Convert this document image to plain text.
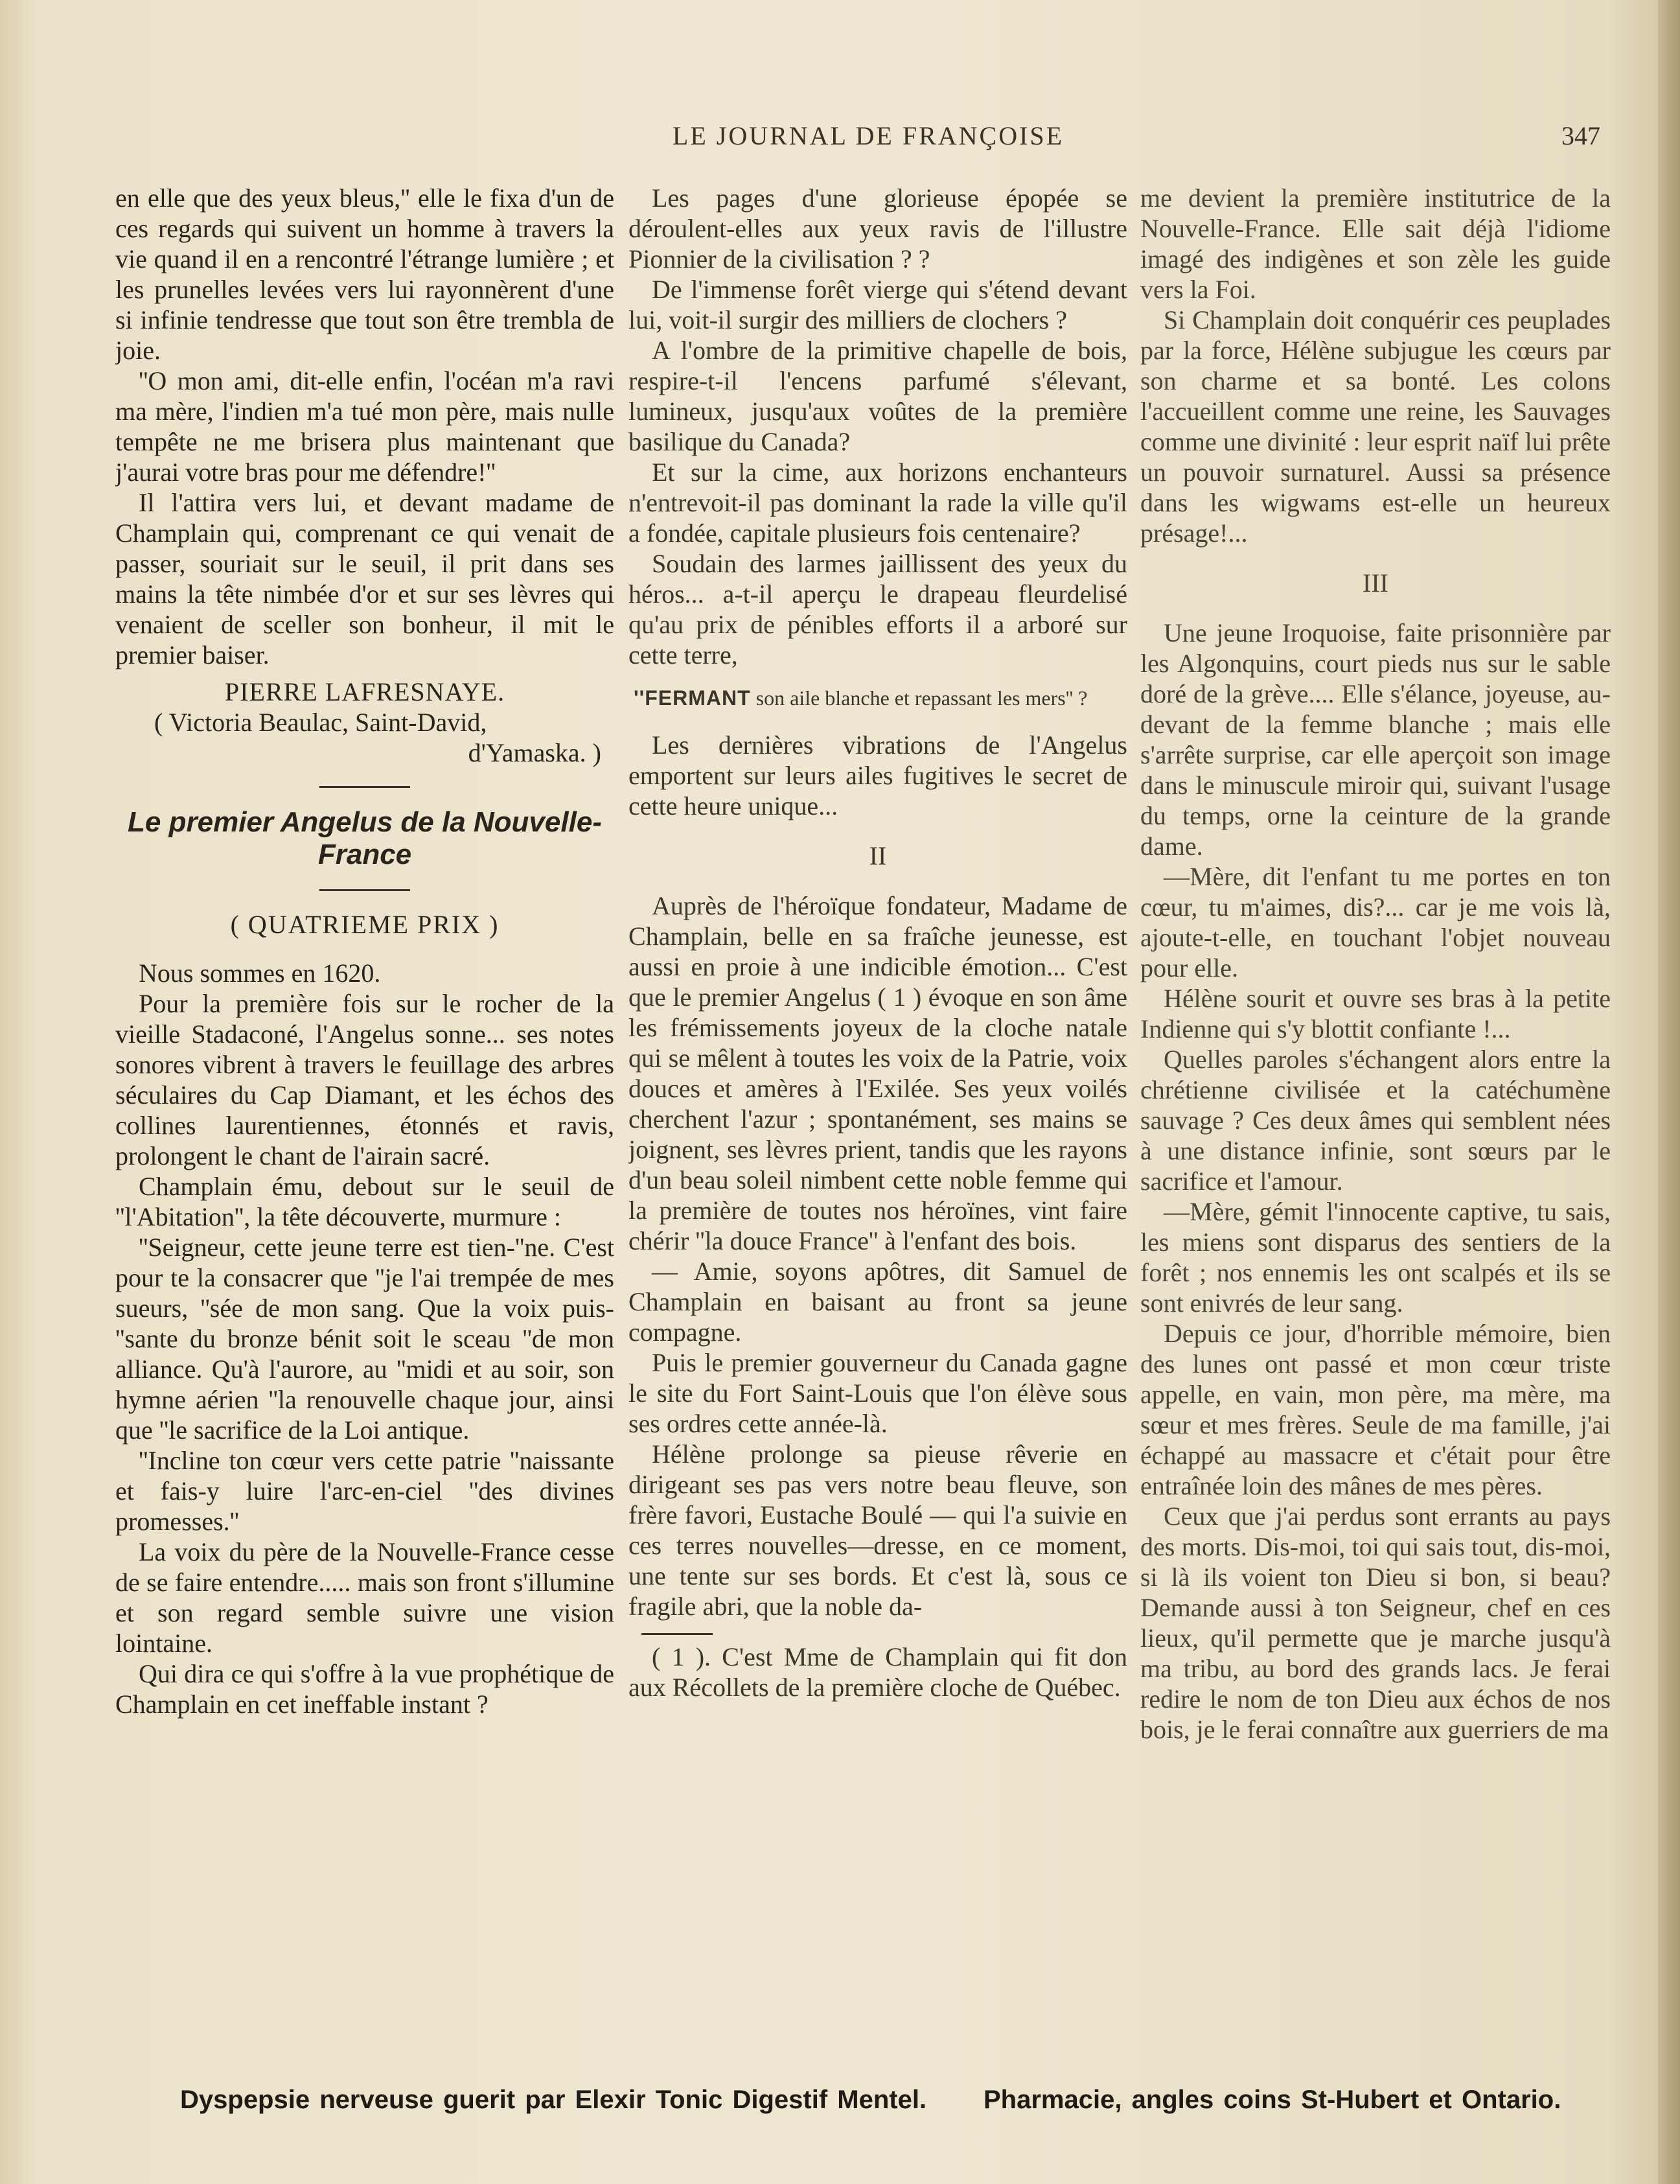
LE JOURNAL DE FRANÇOISE	347

en elle que des yeux bleus,'' elle le fixa d'un de ces regards qui suivent un homme à travers la vie quand il en a rencontré l'étrange lumière ; et les prunelles levées vers lui rayonnèrent d'une si infinie tendresse que tout son être trembla de joie.

''O mon ami, dit-elle enfin, l'océan m'a ravi ma mère, l'indien m'a tué mon père, mais nulle tempête ne me brisera plus maintenant que j'aurai votre bras pour me défendre!''

Il l'attira vers lui, et devant madame de Champlain qui, comprenant ce qui venait de passer, souriait sur le seuil, il prit dans ses mains la tête nimbée d'or et sur ses lèvres qui venaient de sceller son bonheur, il mit le premier baiser.

PIERRE LAFRESNAYE.

( Victoria Beaulac, Saint-David,

d'Yamaska. )

Le premier Angelus de la Nouvelle-France

( QUATRIEME PRIX )

Nous sommes en 1620.

Pour la première fois sur le rocher de la vieille Stadaconé, l'Angelus sonne... ses notes sonores vibrent à travers le feuillage des arbres séculaires du Cap Diamant, et les échos des collines laurentiennes, étonnés et ravis, prolongent le chant de l'airain sacré.

Champlain ému, debout sur le seuil de ''l'Abitation'', la tête découverte, murmure :

''Seigneur, cette jeune terre est tien-''ne. C'est pour te la consacrer que ''je l'ai trempée de mes sueurs, ''sée de mon sang. Que la voix puis-''sante du bronze bénit soit le sceau ''de mon alliance. Qu'à l'aurore, au ''midi et au soir, son hymne aérien ''la renouvelle chaque jour, ainsi que ''le sacrifice de la Loi antique.

''Incline ton cœur vers cette patrie ''naissante et fais-y luire l'arc-en-ciel ''des divines promesses.''

La voix du père de la Nouvelle-France cesse de se faire entendre..... mais son front s'illumine et son regard semble suivre une vision lointaine.

Qui dira ce qui s'offre à la vue prophétique de Champlain en cet ineffable instant ?

Les pages d'une glorieuse épopée se déroulent-elles aux yeux ravis de l'illustre Pionnier de la civilisation ? ?

De l'immense forêt vierge qui s'étend devant lui, voit-il surgir des milliers de clochers ?

A l'ombre de la primitive chapelle de bois, respire-t-il l'encens parfumé s'élevant, lumineux, jusqu'aux voûtes de la première basilique du Canada?

Et sur la cime, aux horizons enchanteurs n'entrevoit-il pas dominant la rade la ville qu'il a fondée, capitale plusieurs fois centenaire?

Soudain des larmes jaillissent des yeux du héros... a-t-il aperçu le drapeau fleurdelisé qu'au prix de pénibles efforts il a arboré sur cette terre,

''FERMANT son aile blanche et repassant les mers'' ?

Les dernières vibrations de l'Angelus emportent sur leurs ailes fugitives le secret de cette heure unique...

II

Auprès de l'héroïque fondateur, Madame de Champlain, belle en sa fraîche jeunesse, est aussi en proie à une indicible émotion... C'est que le premier Angelus ( 1 ) évoque en son âme les frémissements joyeux de la cloche natale qui se mêlent à toutes les voix de la Patrie, voix douces et amères à l'Exilée. Ses yeux voilés cherchent l'azur ; spontanément, ses mains se joignent, ses lèvres prient, tandis que les rayons d'un beau soleil nimbent cette noble femme qui la première de toutes nos héroïnes, vint faire chérir ''la douce France'' à l'enfant des bois.

— Amie, soyons apôtres, dit Samuel de Champlain en baisant au front sa jeune compagne.

Puis le premier gouverneur du Canada gagne le site du Fort Saint-Louis que l'on élève sous ses ordres cette année-là.

Hélène prolonge sa pieuse rêverie en dirigeant ses pas vers notre beau fleuve, son frère favori, Eustache Boulé — qui l'a suivie en ces terres nouvelles—dresse, en ce moment, une tente sur ses bords. Et c'est là, sous ce fragile abri, que la noble da-

( 1 ). C'est Mme de Champlain qui fit don aux Récollets de la première cloche de Québec.

me devient la première institutrice de la Nouvelle-France. Elle sait déjà l'idiome imagé des indigènes et son zèle les guide vers la Foi.

Si Champlain doit conquérir ces peuplades par la force, Hélène subjugue les cœurs par son charme et sa bonté. Les colons l'accueillent comme une reine, les Sauvages comme une divinité : leur esprit naïf lui prête un pouvoir surnaturel. Aussi sa présence dans les wigwams est-elle un heureux présage!...

III

Une jeune Iroquoise, faite prisonnière par les Algonquins, court pieds nus sur le sable doré de la grève.... Elle s'élance, joyeuse, au-devant de la femme blanche ; mais elle s'arrête surprise, car elle aperçoit son image dans le minuscule miroir qui, suivant l'usage du temps, orne la ceinture de la grande dame.

—Mère, dit l'enfant tu me portes en ton cœur, tu m'aimes, dis?... car je me vois là, ajoute-t-elle, en touchant l'objet nouveau pour elle.

Hélène sourit et ouvre ses bras à la petite Indienne qui s'y blottit confiante !...

Quelles paroles s'échangent alors entre la chrétienne civilisée et la catéchumène sauvage ? Ces deux âmes qui semblent nées à une distance infinie, sont sœurs par le sacrifice et l'amour.

—Mère, gémit l'innocente captive, tu sais, les miens sont disparus des sentiers de la forêt ; nos ennemis les ont scalpés et ils se sont enivrés de leur sang.

Depuis ce jour, d'horrible mémoire, bien des lunes ont passé et mon cœur triste appelle, en vain, mon père, ma mère, ma sœur et mes frères. Seule de ma famille, j'ai échappé au massacre et c'était pour être entraînée loin des mânes de mes pères.

Ceux que j'ai perdus sont errants au pays des morts. Dis-moi, toi qui sais tout, dis-moi, si là ils voient ton Dieu si bon, si beau? Demande aussi à ton Seigneur, chef en ces lieux, qu'il permette que je marche jusqu'à ma tribu, au bord des grands lacs. Je ferai redire le nom de ton Dieu aux échos de nos bois, je le ferai connaître aux guerriers de ma

Dyspepsie nerveuse guerit par Elexir Tonic Digestif Mentel. Pharmacie, angles coins St-Hubert et Ontario.
